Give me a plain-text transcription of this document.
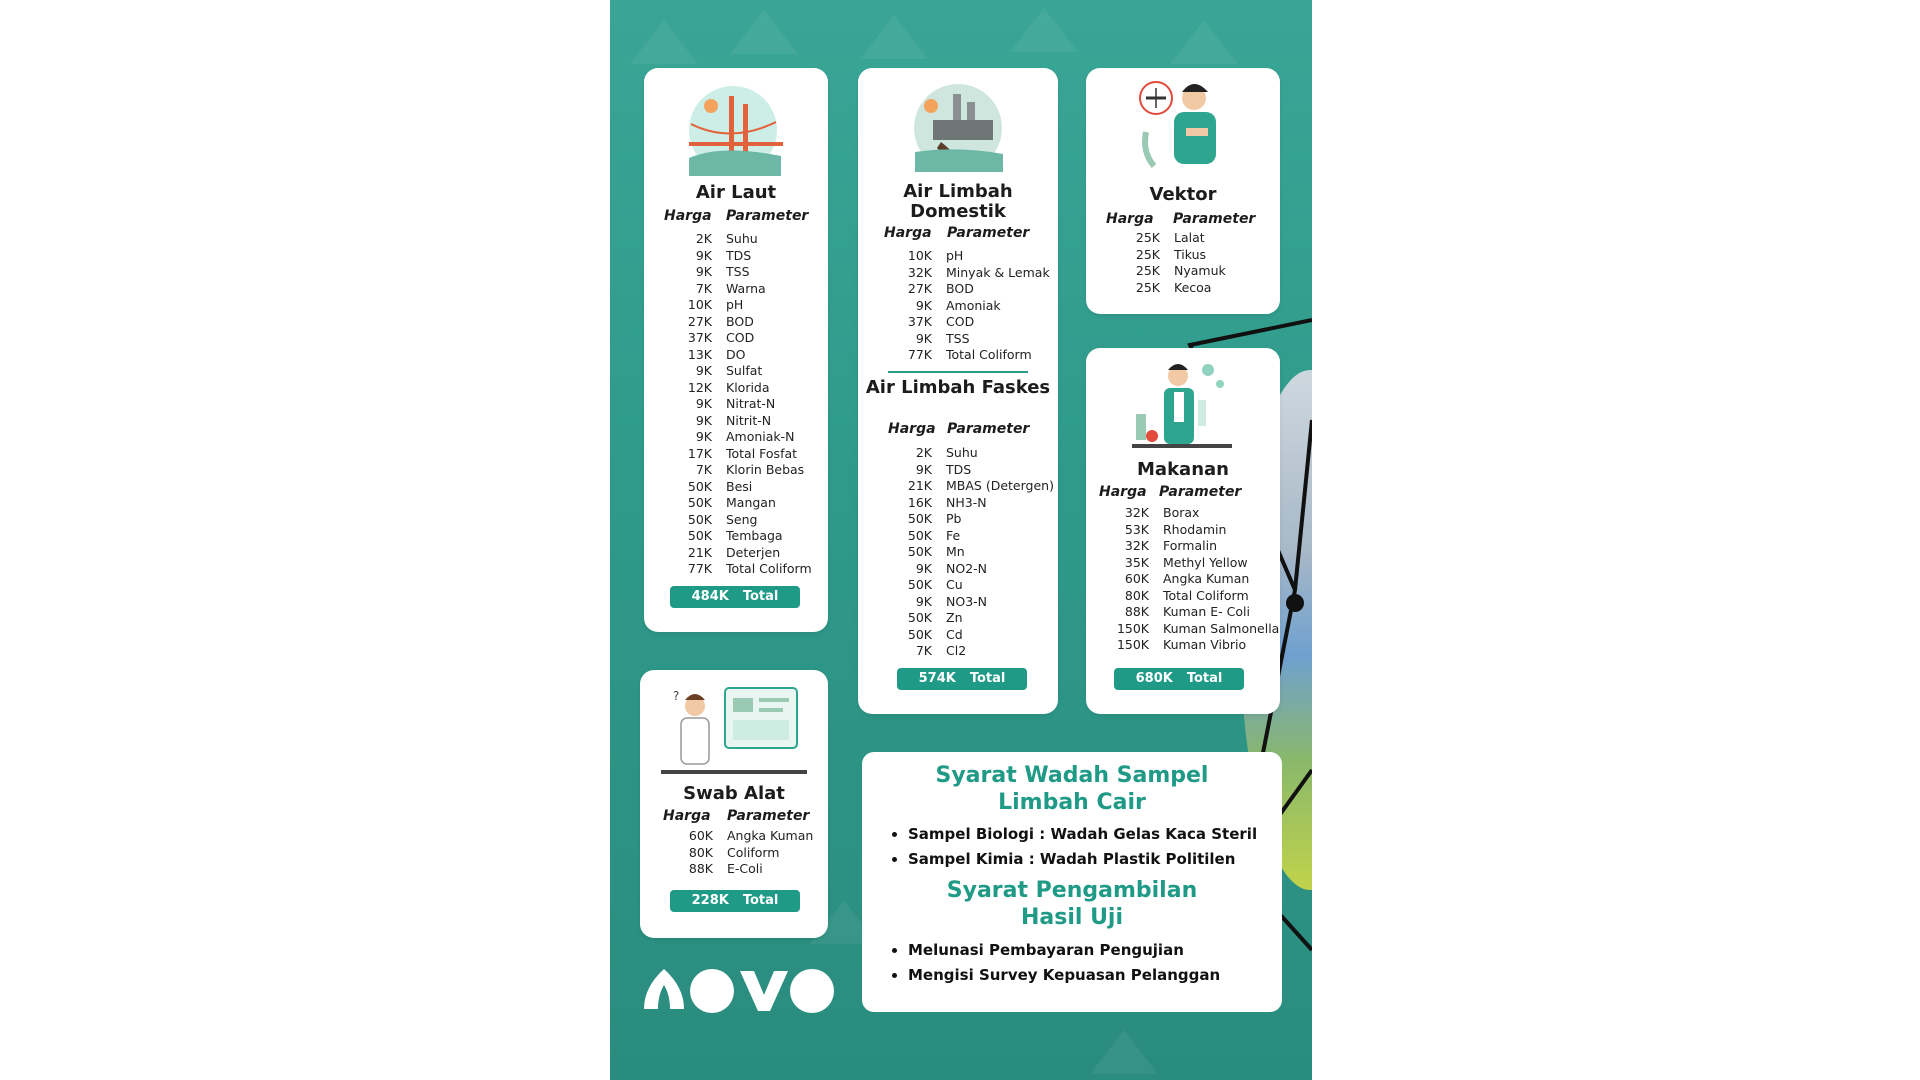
Air Laut
Harga Parameter
2K	Suhu
9K	TDS
9K	TSS
7K	Warna
10K	pH
27K	BOD
37K	COD
13K	DO
9K	Sulfat
12K	Klorida
9K	Nitrat-N
9K	Nitrit-N
9K	Amoniak-N
17K	Total Fosfat
7K	Klorin Bebas
50K	Besi
50K	Mangan
50K	Seng
50K	Tembaga
21K	Deterjen
77K	Total Coliform
484K Total
Air Limbah Domestik
Harga Parameter
10K	pH
32K	Minyak & Lemak
27K	BOD
9K	Amoniak
37K	COD
9K	TSS
77K	Total Coliform
Air Limbah Faskes
Harga Parameter
2K	Suhu
9K	TDS
21K	MBAS (Detergen)
16K	NH3-N
50K	Pb
50K	Fe
50K	Mn
9K	NO2-N
50K	Cu
9K	NO3-N
50K	Zn
50K	Cd
7K	Cl2
574K Total
Vektor
Harga Parameter
25K	Lalat
25K	Tikus
25K	Nyamuk
25K	Kecoa
Makanan
Harga Parameter
32K	Borax
53K	Rhodamin
32K	Formalin
35K	Methyl Yellow
60K	Angka Kuman
80K	Total Coliform
88K	Kuman E- Coli
150K	Kuman Salmonella
150K	Kuman Vibrio
680K Total
?
Swab Alat
Harga Parameter
60K	Angka Kuman
80K	Coliform
88K	E-Coli
228K Total
Syarat Wadah Sampel Limbah Cair
• Sampel Biologi : Wadah Gelas Kaca Steril
• Sampel Kimia : Wadah Plastik Politilen
Syarat Pengambilan Hasil Uji
• Melunasi Pembayaran Pengujian
• Mengisi Survey Kepuasan Pelanggan
